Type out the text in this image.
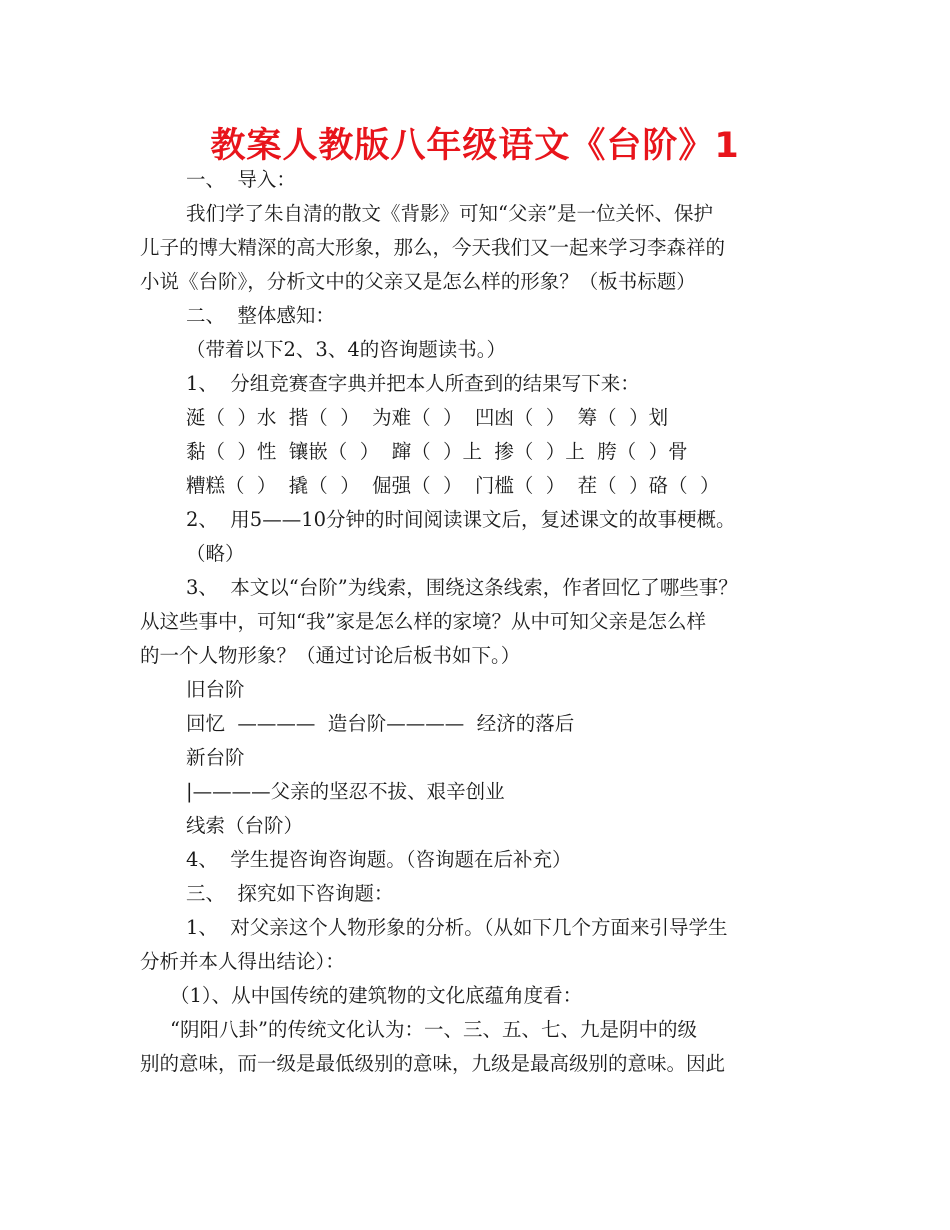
教案人教版八年级语文《台阶》1
一、  导入：
我们学了朱自清的散文《背影》可知“父亲”是一位关怀、保护
儿子的博大精深的高大形象，那么，今天我们又一起来学习李森祥的
小说《台阶》，分析文中的父亲又是怎么样的形象？（板书标题）
二、  整体感知：
（带着以下2、3、4的咨询题读书。）
1、  分组竞赛查字典并把本人所查到的结果写下来：
涎（  ）水  揩（  ）  为难（  ）  凹凼（  ）  筹（  ）划
黏（  ）性  镶嵌（  ）  蹿（  ）上  掺（  ）上  胯（  ）骨
糟糕（  ）  撬（  ）  倔强（  ）  门槛（  ）  茬（  ）硌（  ）
2、  用5——10分钟的时间阅读课文后，复述课文的故事梗概。
（略）
3、  本文以“台阶”为线索，围绕这条线索，作者回忆了哪些事？
从这些事中，可知“我”家是怎么样的家境？从中可知父亲是怎么样
的一个人物形象？（通过讨论后板书如下。）
旧台阶
回忆  ————  造台阶————  经济的落后
新台阶
|————父亲的坚忍不拔、艰辛创业
线索（台阶）
4、  学生提咨询咨询题。（咨询题在后补充）
三、  探究如下咨询题：
1、  对父亲这个人物形象的分析。（从如下几个方面来引导学生
分析并本人得出结论）：
（1）、从中国传统的建筑物的文化底蕴角度看：
“阴阳八卦”的传统文化认为：一、三、五、七、九是阴中的级
别的意味，而一级是最低级别的意味，九级是最高级别的意味。因此
